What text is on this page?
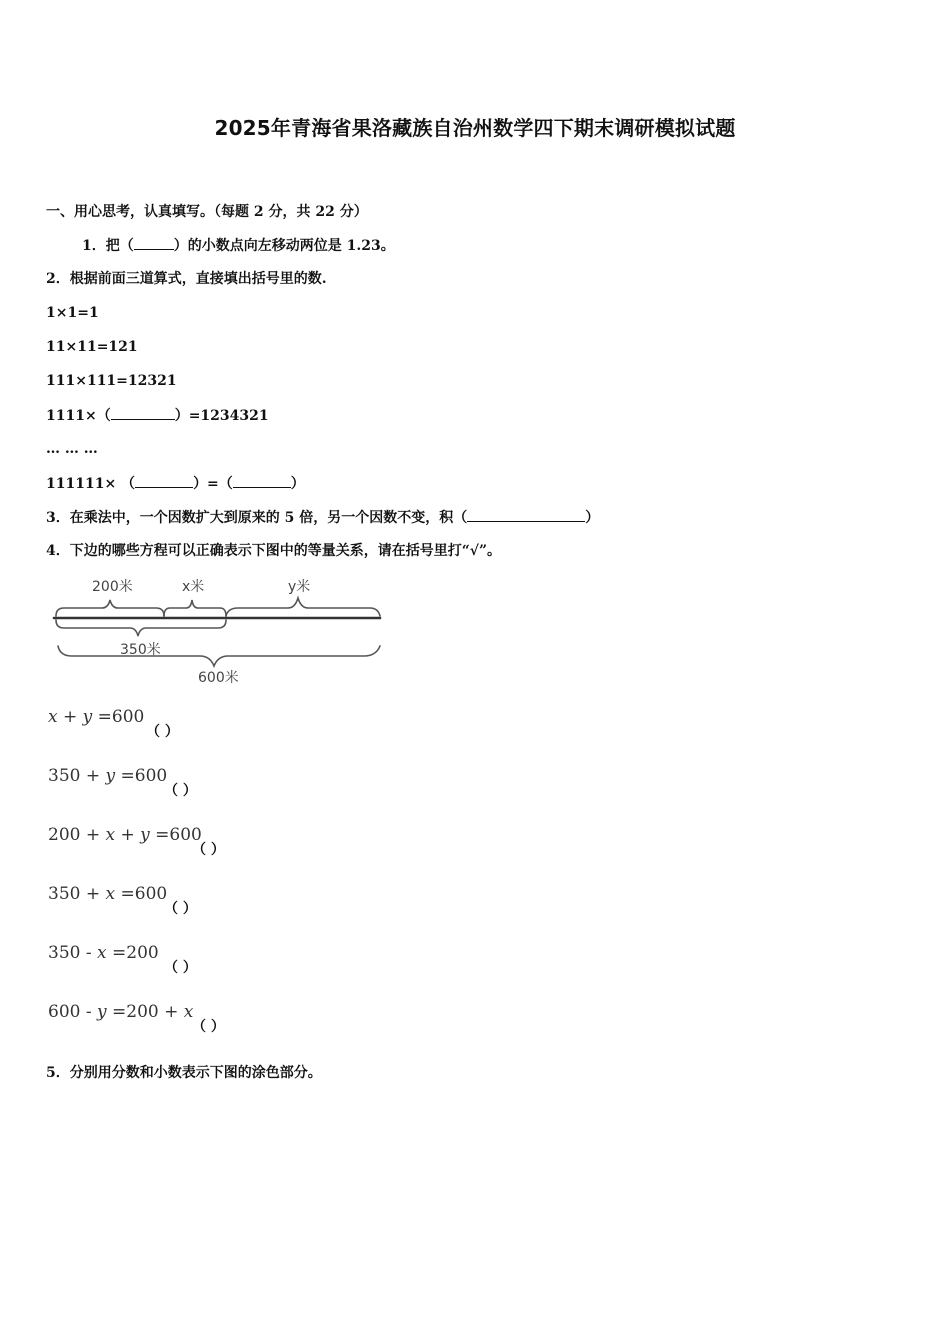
2025年青海省果洛藏族自治州数学四下期末调研模拟试题
一、用心思考，认真填写。（每题 2 分，共 22 分）
1．把（	）的小数点向左移动两位是 1.23。
2．根据前面三道算式，直接填出括号里的数.
1×1=1
11×11=121
111×111=12321
1111×（	）=1234321
… … …
111111× （	）=（	）
3．在乘法中，一个因数扩大到原来的 5 倍，另一个因数不变，积（	）
4．下边的哪些方程可以正确表示下图中的等量关系，请在括号里打“√”。
200米	x米	y米
350米
600米
x + y =600
（ ）
350 + y =600
（ ）
200 + x + y =600
（ ）
350 + x =600
（ ）
350 - x =200
（ ）
600 - y =200 + x
（ ）
5．分别用分数和小数表示下图的涂色部分。
